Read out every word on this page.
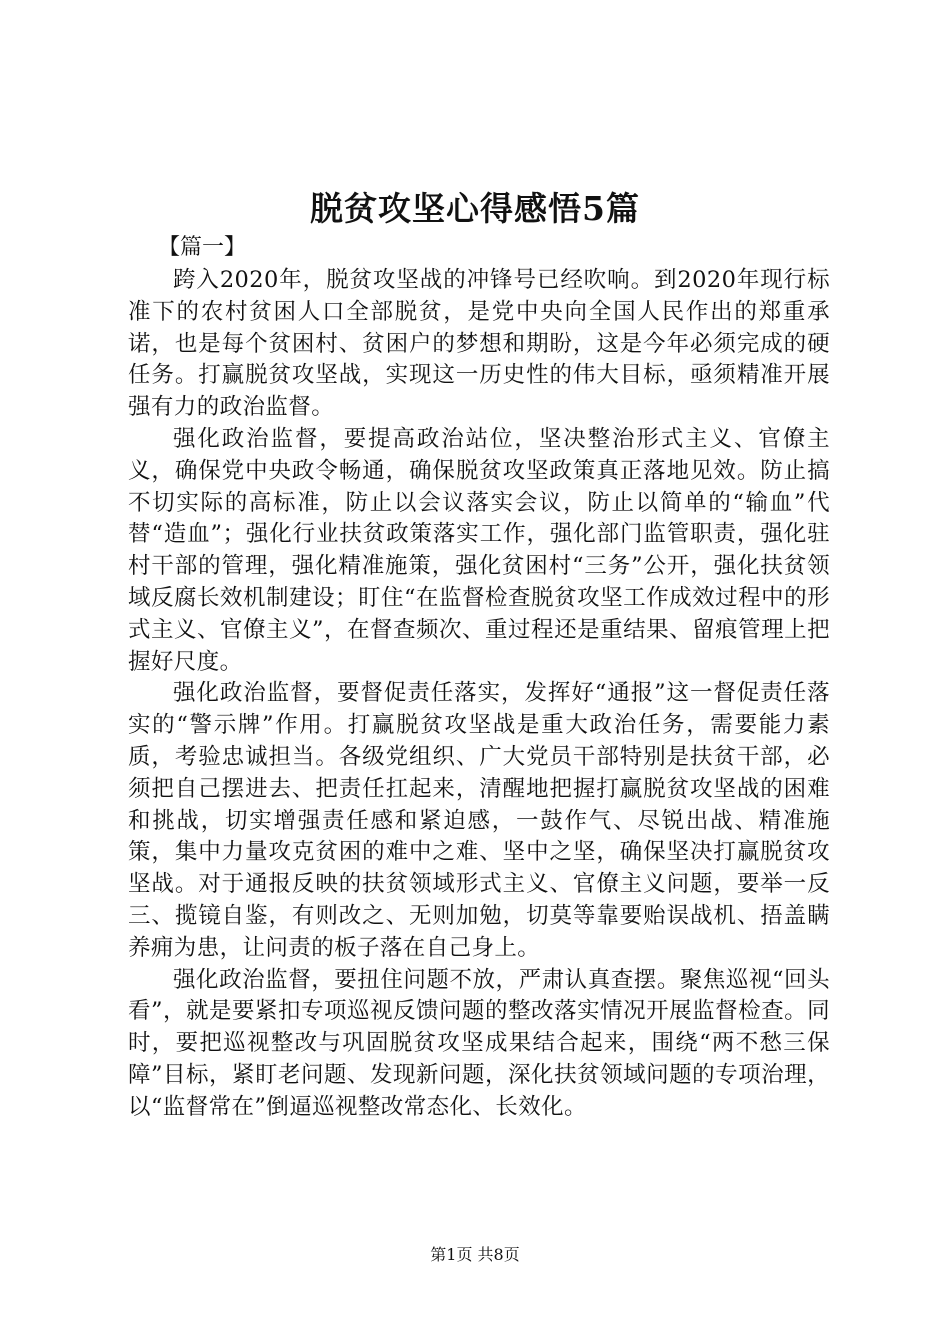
脱贫攻坚心得感悟5篇

【篇一】

跨入2020年，脱贫攻坚战的冲锋号已经吹响。到2020年现行标准下的农村贫困人口全部脱贫，是党中央向全国人民作出的郑重承诺，也是每个贫困村、贫困户的梦想和期盼，这是今年必须完成的硬任务。打赢脱贫攻坚战，实现这一历史性的伟大目标，亟须精准开展强有力的政治监督。

强化政治监督，要提高政治站位，坚决整治形式主义、官僚主义，确保党中央政令畅通，确保脱贫攻坚政策真正落地见效。防止搞不切实际的高标准，防止以会议落实会议，防止以简单的“输血”代替“造血”；强化行业扶贫政策落实工作，强化部门监管职责，强化驻村干部的管理，强化精准施策，强化贫困村“三务”公开，强化扶贫领域反腐长效机制建设；盯住“在监督检查脱贫攻坚工作成效过程中的形式主义、官僚主义”，在督查频次、重过程还是重结果、留痕管理上把握好尺度。

强化政治监督，要督促责任落实，发挥好“通报”这一督促责任落实的“警示牌”作用。打赢脱贫攻坚战是重大政治任务，需要能力素质，考验忠诚担当。各级党组织、广大党员干部特别是扶贫干部，必须把自己摆进去、把责任扛起来，清醒地把握打赢脱贫攻坚战的困难和挑战，切实增强责任感和紧迫感，一鼓作气、尽锐出战、精准施策，集中力量攻克贫困的难中之难、坚中之坚，确保坚决打赢脱贫攻坚战。对于通报反映的扶贫领域形式主义、官僚主义问题，要举一反三、揽镜自鉴，有则改之、无则加勉，切莫等靠要贻误战机、捂盖瞒养痈为患，让问责的板子落在自己身上。

强化政治监督，要扭住问题不放，严肃认真查摆。聚焦巡视“回头看”，就是要紧扣专项巡视反馈问题的整改落实情况开展监督检查。同时，要把巡视整改与巩固脱贫攻坚成果结合起来，围绕“两不愁三保障”目标，紧盯老问题、发现新问题，深化扶贫领域问题的专项治理，以“监督常在”倒逼巡视整改常态化、长效化。

第1页 共8页
